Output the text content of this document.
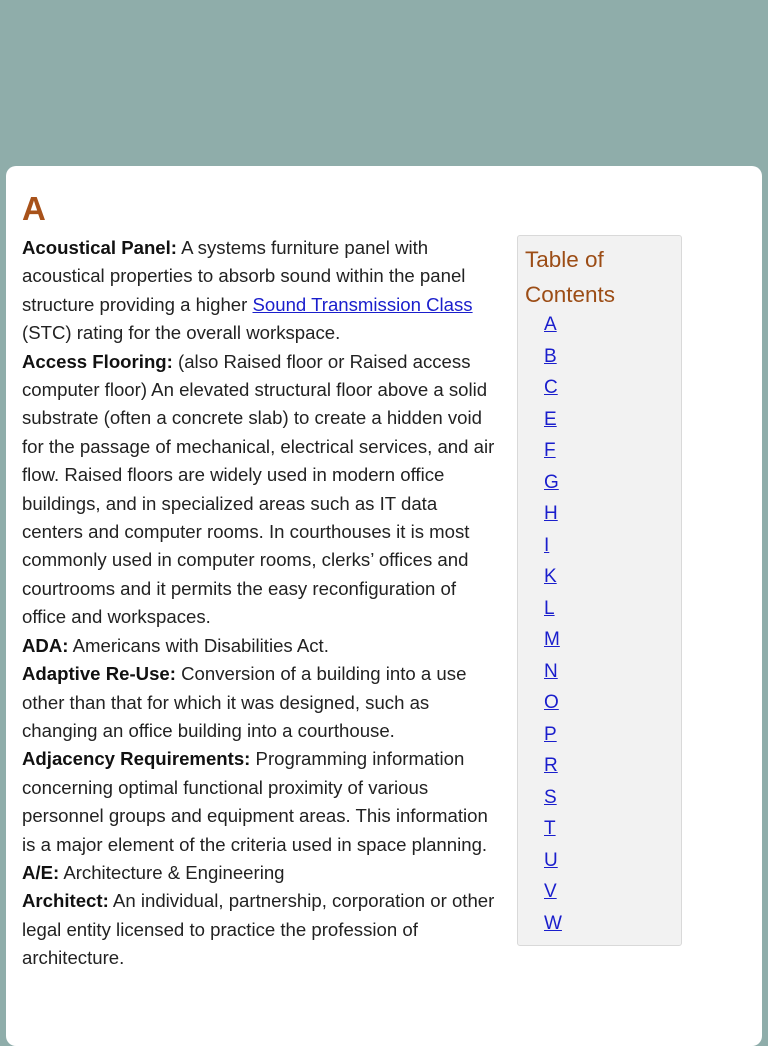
A

Acoustical Panel: A systems furniture panel with acoustical properties to absorb sound within the panel structure providing a higher Sound Transmission Class (STC) rating for the overall workspace.

Access Flooring: (also Raised floor or Raised access computer floor) An elevated structural floor above a solid substrate (often a concrete slab) to create a hidden void for the passage of mechanical, electrical services, and air flow. Raised floors are widely used in modern office buildings, and in specialized areas such as IT data centers and computer rooms. In courthouses it is most commonly used in computer rooms, clerks’ offices and courtrooms and it permits the easy reconfiguration of office and workspaces.

ADA: Americans with Disabilities Act.

Adaptive Re-Use: Conversion of a building into a use other than that for which it was designed, such as changing an office building into a courthouse.

Adjacency Requirements: Programming information concerning optimal functional proximity of various personnel groups and equipment areas. This information is a major element of the criteria used in space planning.

A/E: Architecture & Engineering

Architect: An individual, partnership, corporation or other legal entity licensed to practice the profession of architecture.

Table of Contents
A
B
C
E
F
G
H
I
K
L
M
N
O
P
R
S
T
U
V
W
